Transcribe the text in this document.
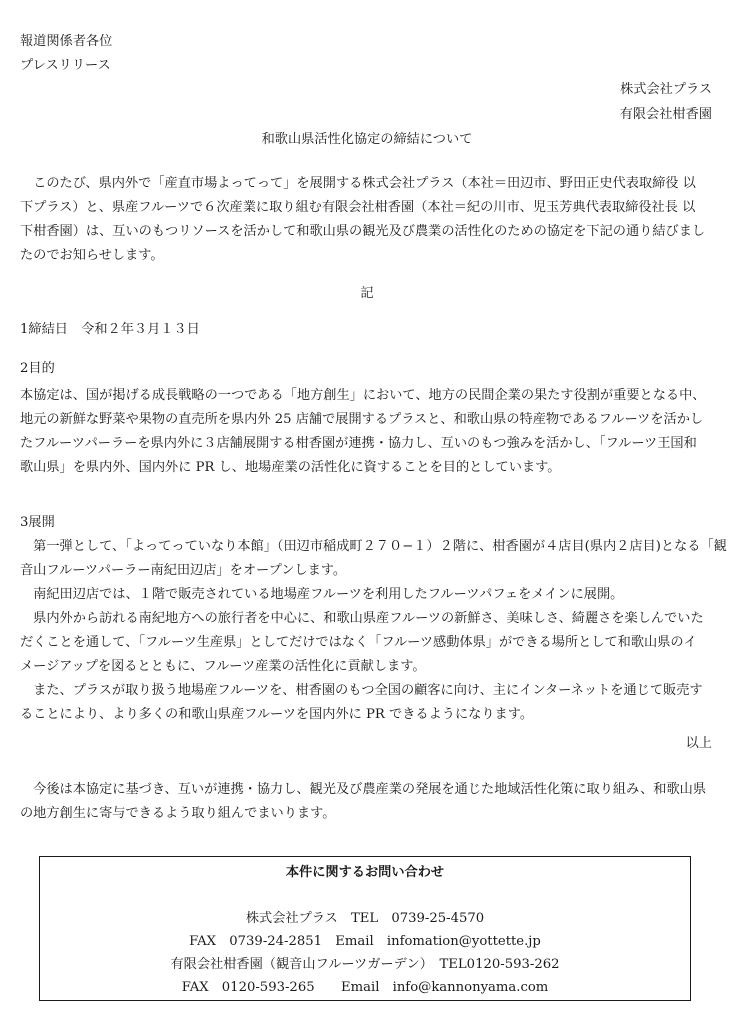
報道関係者各位
プレスリリース
株式会社プラス
有限会社柑香園
和歌山県活性化協定の締結について
　このたび、県内外で「産直市場よってって」を展開する株式会社プラス（本社＝田辺市、野田正史代表取締役 以
下プラス）と、県産フルーツで６次産業に取り組む有限会社柑香園（本社＝紀の川市、児玉芳典代表取締役社長 以
下柑香園）は、互いのもつリソースを活かして和歌山県の観光及び農業の活性化のための協定を下記の通り結びまし
たのでお知らせします。
記
1締結日　令和２年３月１３日
2目的
本協定は、国が掲げる成長戦略の一つである「地方創生」において、地方の民間企業の果たす役割が重要となる中、
地元の新鮮な野菜や果物の直売所を県内外 25 店舗で展開するプラスと、和歌山県の特産物であるフルーツを活かし
たフルーツパーラーを県内外に３店舗展開する柑香園が連携・協力し、互いのもつ強みを活かし、「フルーツ王国和
歌山県」を県内外、国内外に PR し、地場産業の活性化に資することを目的としています。
3展開
　第一弾として、「よってっていなり本館」（田辺市稲成町２７０−１）２階に、柑香園が４店目(県内２店目)となる「観
音山フルーツパーラー南紀田辺店」をオープンします。
　南紀田辺店では、１階で販売されている地場産フルーツを利用したフルーツパフェをメインに展開。
　県内外から訪れる南紀地方への旅行者を中心に、和歌山県産フルーツの新鮮さ、美味しさ、綺麗さを楽しんでいた
だくことを通して、「フルーツ生産県」としてだけではなく「フルーツ感動体県」ができる場所として和歌山県のイ
メージアップを図るとともに、フルーツ産業の活性化に貢献します。
　また、プラスが取り扱う地場産フルーツを、柑香園のもつ全国の顧客に向け、主にインターネットを通じて販売す
ることにより、より多くの和歌山県産フルーツを国内外に PR できるようになります。
以上
　今後は本協定に基づき、互いが連携・協力し、観光及び農産業の発展を通じた地域活性化策に取り組み、和歌山県
の地方創生に寄与できるよう取り組んでまいります。
本件に関するお問い合わせ
株式会社プラス　TEL　0739-25-4570
FAX　0739-24-2851　Email　infomation@yottette.jp
有限会社柑香園（観音山フルーツガーデン）　TEL0120-593-262
FAX　0120-593-265　　Email　info@kannonyama.com
